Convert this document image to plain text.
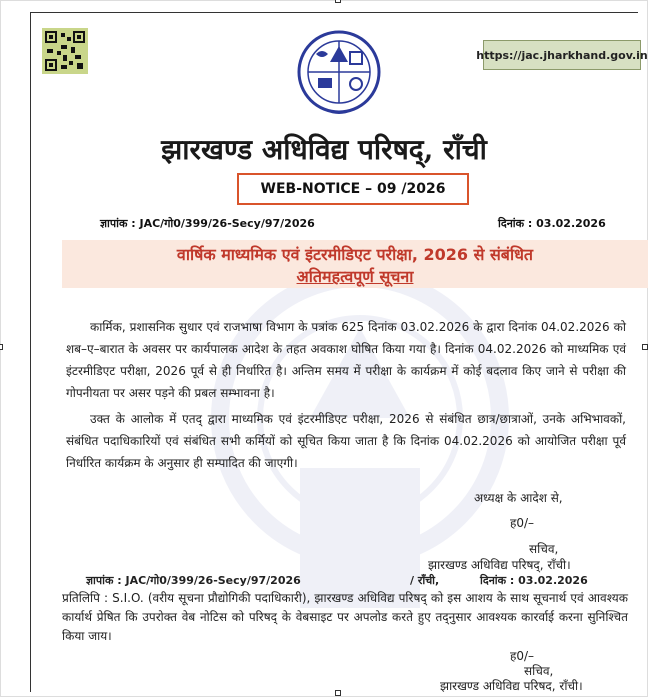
https://jac.jharkhand.gov.in
झारखण्ड अधिविद्य परिषद्, राँची
WEB-NOTICE – 09 /2026
ज्ञापांक : JAC/गो0/399/26-Secy/97/2026	दिनांक : 03.02.2026
वार्षिक माध्यमिक एवं इंटरमीडिएट परीक्षा, 2026 से संबंधित
अतिमहत्वपूर्ण सूचना
कार्मिक, प्रशासनिक सुधार एवं राजभाषा विभाग के पत्रांक 625 दिनांक 03.02.2026 के द्वारा दिनांक 04.02.2026 को शब–ए–बारात के अवसर पर कार्यपालक आदेश के तहत अवकाश घोषित किया गया है। दिनांक 04.02.2026 को माध्यमिक एवं इंटरमीडिएट परीक्षा, 2026 पूर्व से ही निर्धारित है। अन्तिम समय में परीक्षा के कार्यक्रम में कोई बदलाव किए जाने से परीक्षा की गोपनीयता पर असर पड़ने की प्रबल सम्भावना है।
उक्त के आलोक में एतद् द्वारा माध्यमिक एवं इंटरमीडिएट परीक्षा, 2026 से संबंधित छात्र/छात्राओं, उनके अभिभावकों, संबंधित पदाधिकारियों एवं संबंधित सभी कर्मियों को सूचित किया जाता है कि दिनांक 04.02.2026 को आयोजित परीक्षा पूर्व निर्धारित कार्यक्रम के अनुसार ही सम्पादित की जाएगी।
अध्यक्ष के आदेश से,
ह0/–
सचिव,
झारखण्ड अधिविद्य परिषद्, राँची।
ज्ञापांक : JAC/गो0/399/26-Secy/97/2026	/ राँची,	दिनांक : 03.02.2026
प्रतिलिपि : S.I.O. (वरीय सूचना प्रौद्योगिकी पदाधिकारी), झारखण्ड अधिविद्य परिषद् को इस आशय के साथ सूचनार्थ एवं आवश्यक कार्यार्थ प्रेषित कि उपरोक्त वेब नोटिस को परिषद् के वेबसाइट पर अपलोड करते हुए तद्नुसार आवश्यक कारर्वाई करना सुनिश्चित किया जाय।
ह0/–
सचिव,
झारखण्ड अधिविद्य परिषद, राँची।
